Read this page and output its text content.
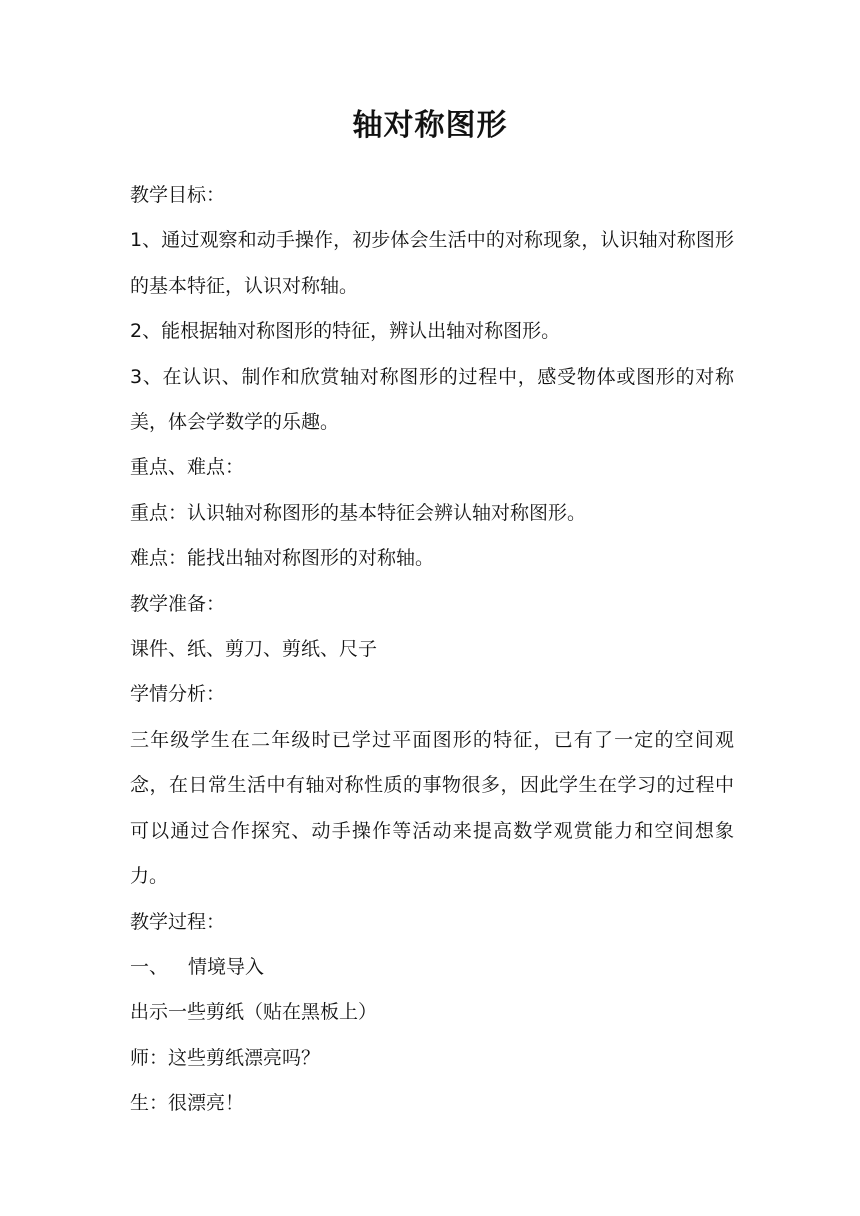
轴对称图形

教学目标：

1、通过观察和动手操作，初步体会生活中的对称现象，认识轴对称图形的基本特征，认识对称轴。

2、能根据轴对称图形的特征，辨认出轴对称图形。

3、在认识、制作和欣赏轴对称图形的过程中，感受物体或图形的对称美，体会学数学的乐趣。

重点、难点：

重点：认识轴对称图形的基本特征会辨认轴对称图形。

难点：能找出轴对称图形的对称轴。

教学准备：

课件、纸、剪刀、剪纸、尺子

学情分析：

三年级学生在二年级时已学过平面图形的特征，已有了一定的空间观念，在日常生活中有轴对称性质的事物很多，因此学生在学习的过程中可以通过合作探究、动手操作等活动来提高数学观赏能力和空间想象力。

教学过程：

一、 情境导入

出示一些剪纸（贴在黑板上）

师：这些剪纸漂亮吗？

生：很漂亮！
